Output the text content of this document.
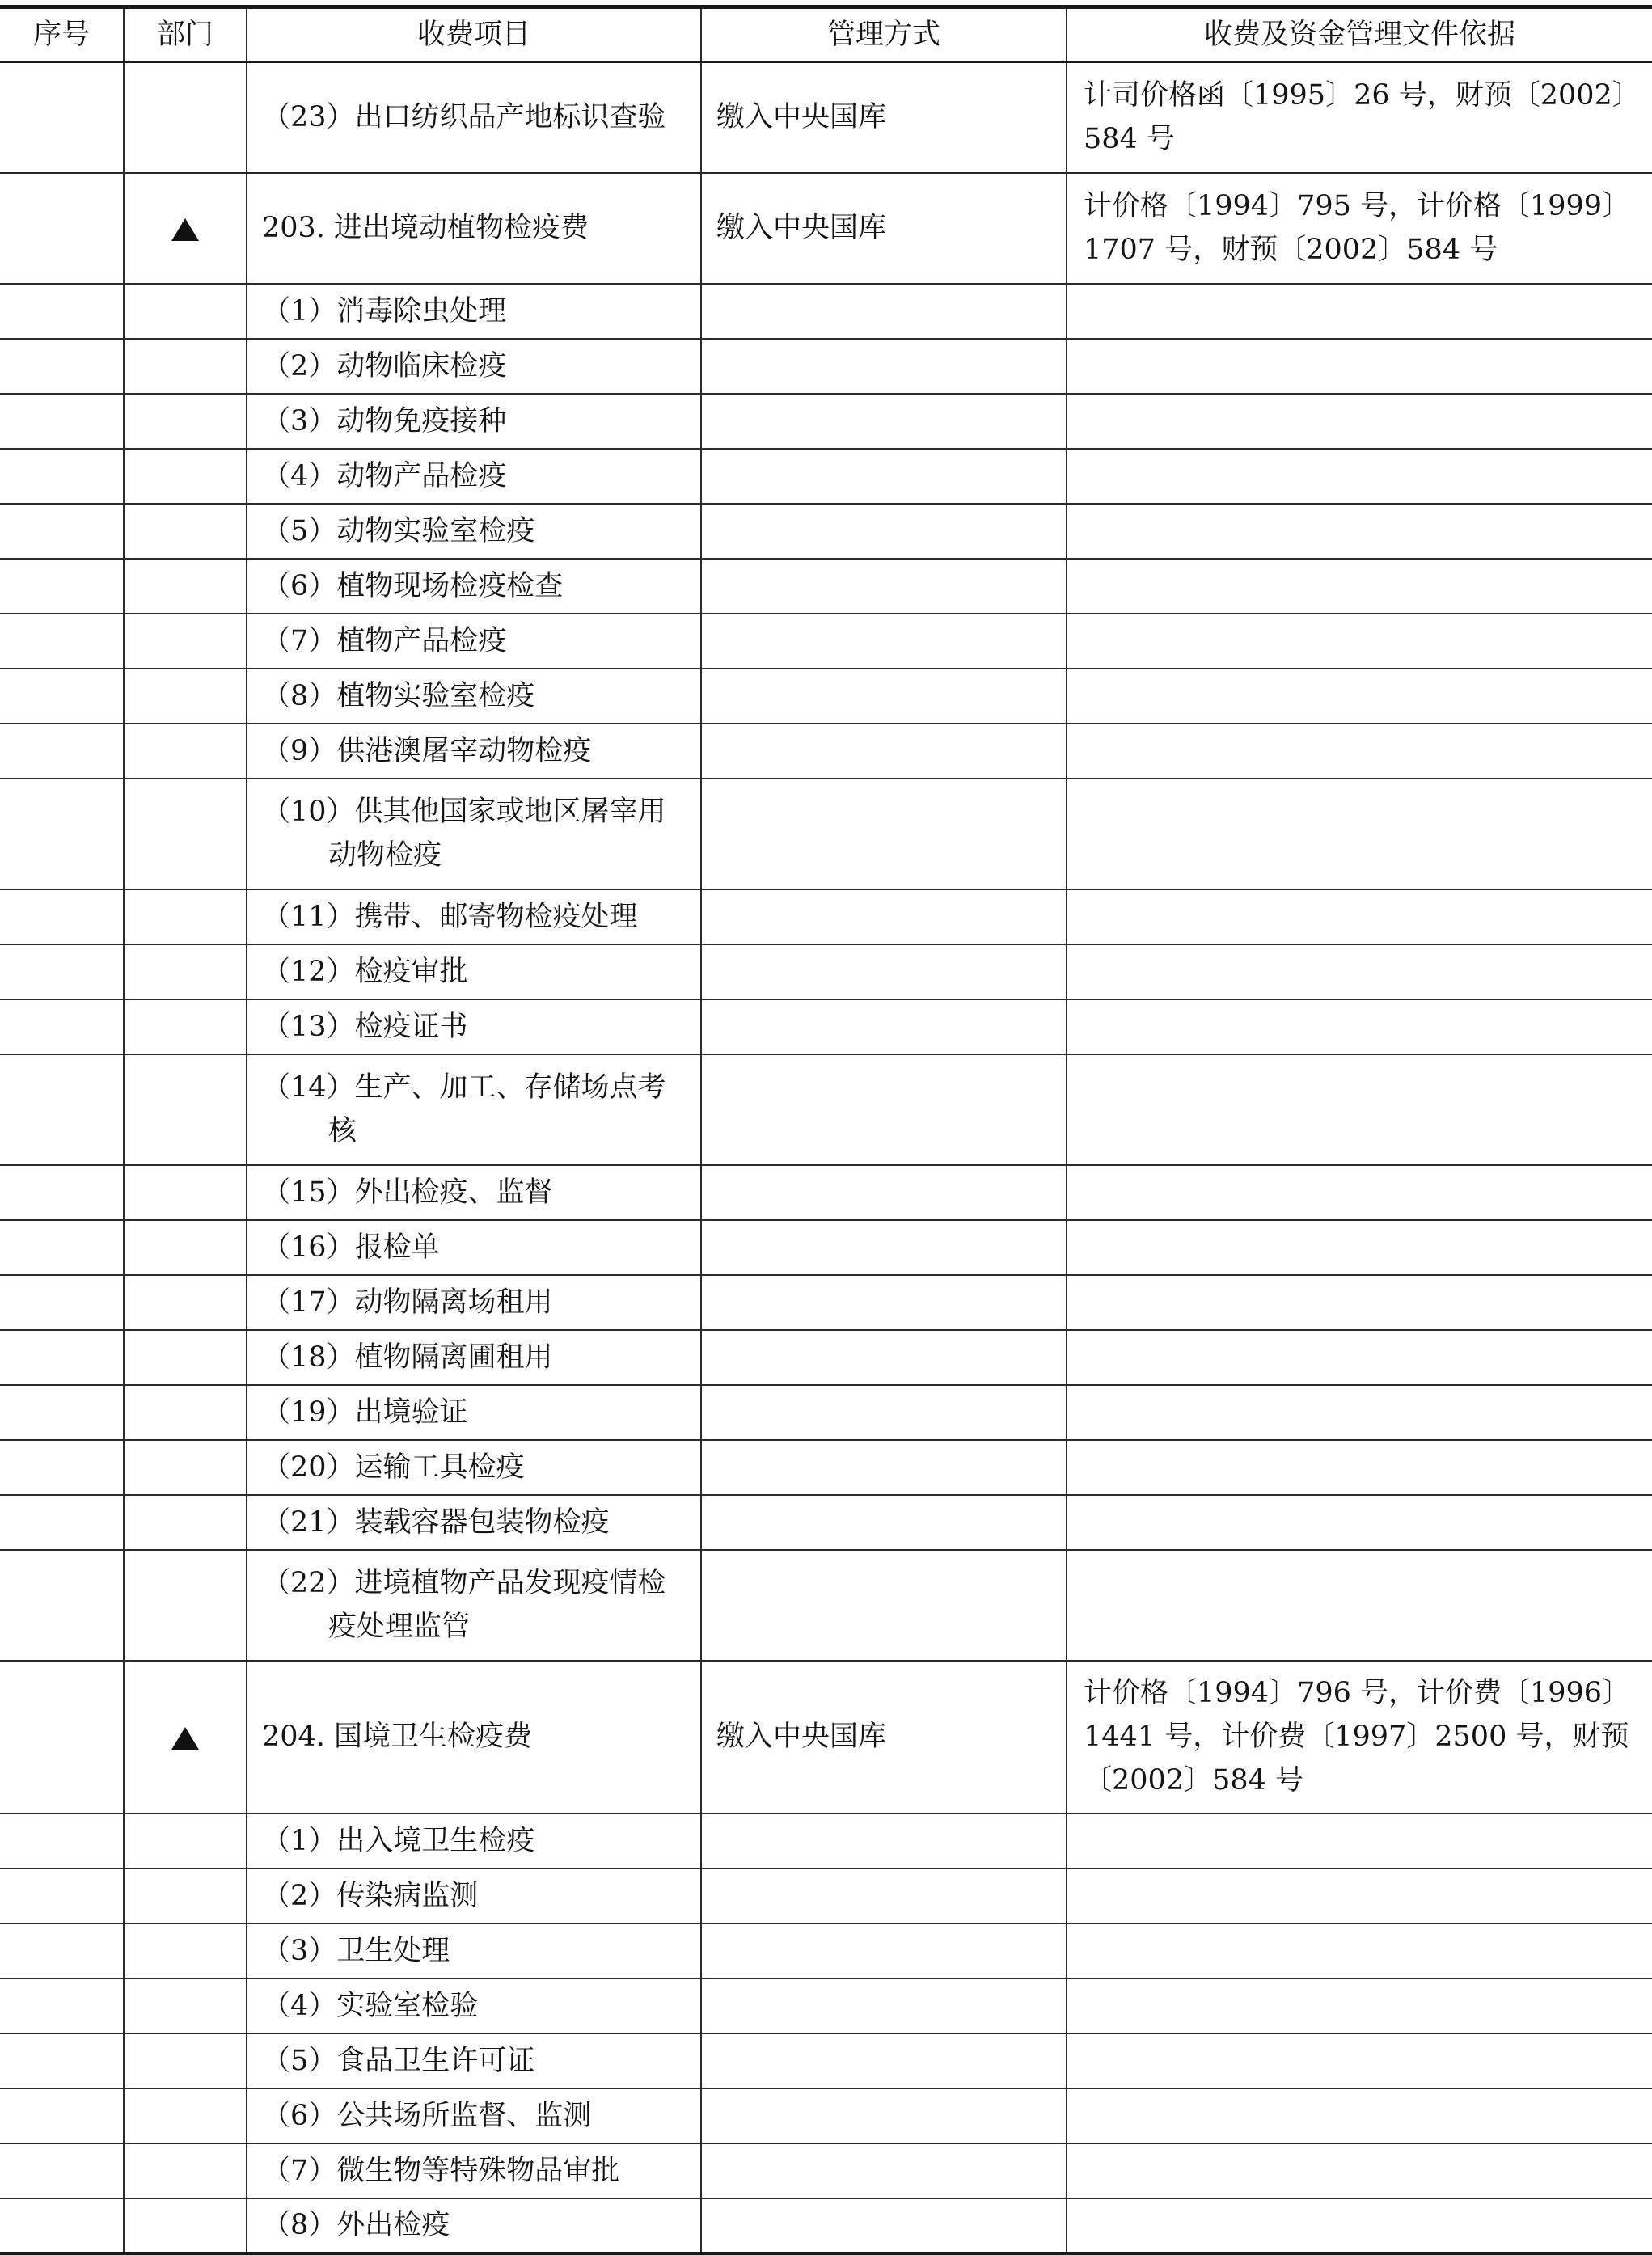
序号	部门	收费项目	管理方式	收费及资金管理文件依据

		（23）出口纺织品产地标识查验	缴入中央国库	计司价格函〔1995〕26 号，财预〔2002〕584 号

		203. 进出境动植物检疫费	缴入中央国库	计价格〔1994〕795 号，计价格〔1999〕1707 号，财预〔2002〕584 号

		（1）消毒除虫处理		

		（2）动物临床检疫		

		（3）动物免疫接种		

		（4）动物产品检疫		

		（5）动物实验室检疫		

		（6）植物现场检疫检查		

		（7）植物产品检疫		

		（8）植物实验室检疫		

		（9）供港澳屠宰动物检疫		

		（10）供其他国家或地区屠宰用动物检疫		

		（11）携带、邮寄物检疫处理		

		（12）检疫审批		

		（13）检疫证书		

		（14）生产、加工、存储场点考核		

		（15）外出检疫、监督		

		（16）报检单		

		（17）动物隔离场租用		

		（18）植物隔离圃租用		

		（19）出境验证		

		（20）运输工具检疫		

		（21）装载容器包装物检疫		

		（22）进境植物产品发现疫情检疫处理监管		

		204. 国境卫生检疫费	缴入中央国库	计价格〔1994〕796 号，计价费〔1996〕1441 号，计价费〔1997〕2500 号，财预〔2002〕584 号

		（1）出入境卫生检疫		

		（2）传染病监测		

		（3）卫生处理		

		（4）实验室检验		

		（5）食品卫生许可证		

		（6）公共场所监督、监测		

		（7）微生物等特殊物品审批		

		（8）外出检疫		
